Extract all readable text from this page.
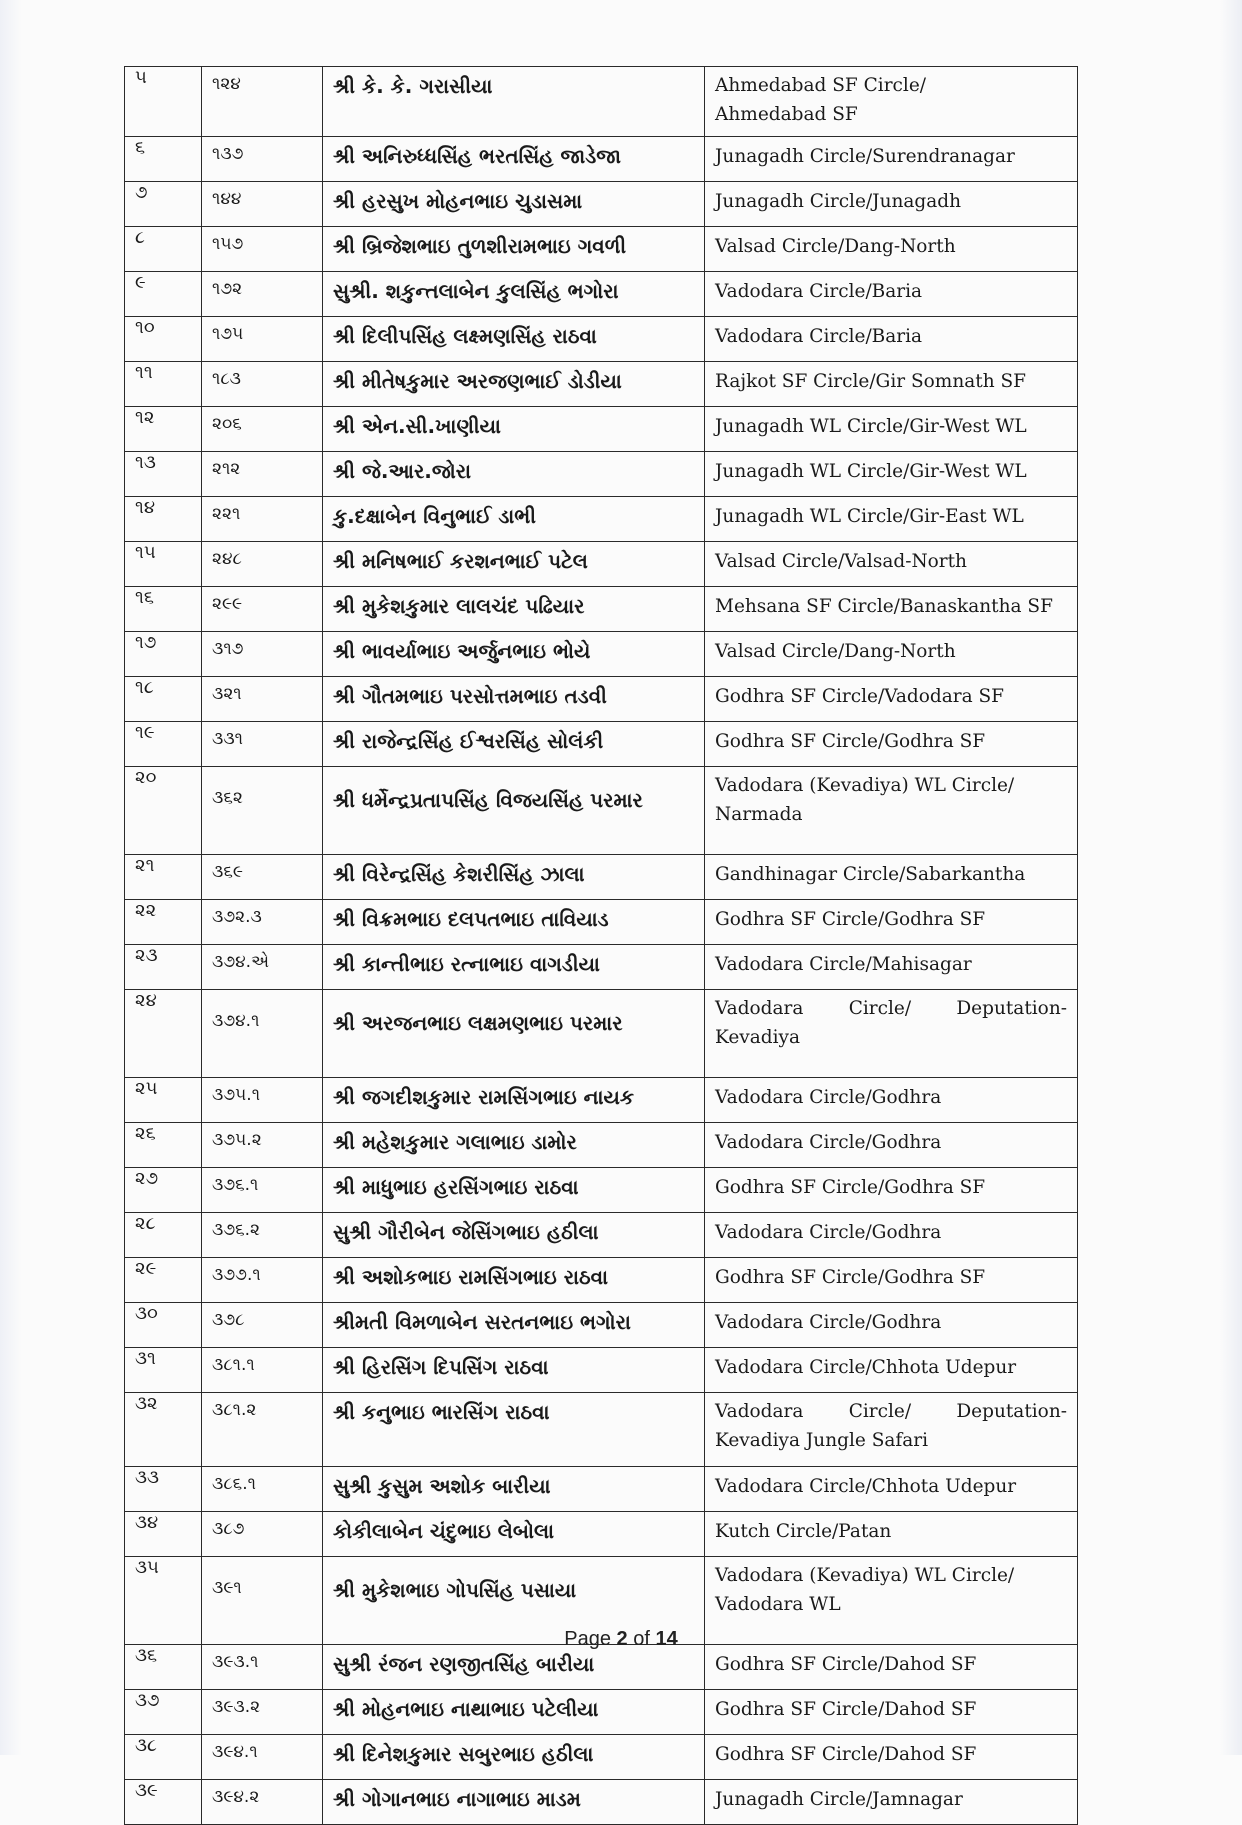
૫	૧૨૪	શ્રી કે. કે. ગરાસીયા	Ahmedabad SF Circle/
Ahmedabad SF

૬	૧૩૭	શ્રી અનિરુધ્ધસિંહ ભરતસિંહ જાડેજા	Junagadh Circle/Surendranagar

૭	૧૪૪	શ્રી હરસુખ મોહનભાઇ ચુડાસમા	Junagadh Circle/Junagadh

૮	૧૫૭	શ્રી બ્રિજેશભાઇ તુળશીરામભાઇ ગવળી	Valsad Circle/Dang-North

૯	૧૭૨	સુશ્રી. શકુન્તલાબેન કુલસિંહ ભગોરા	Vadodara Circle/Baria

૧૦	૧૭૫	શ્રી દિલીપસિંહ લક્ષ્મણસિંહ રાઠવા	Vadodara Circle/Baria

૧૧	૧૮૩	શ્રી મીતેષકુમાર અરજણભાઈ ડોડીયા	Rajkot SF Circle/Gir Somnath SF

૧૨	૨૦૬	શ્રી એન.સી.ખાણીયા	Junagadh WL Circle/Gir-West WL

૧૩	૨૧૨	શ્રી જે.આર.જોરા	Junagadh WL Circle/Gir-West WL

૧૪	૨૨૧	કુ.દક્ષાબેન વિનુભાઈ ડાભી	Junagadh WL Circle/Gir-East WL

૧૫	૨૪૮	શ્રી મનિષભાઈ કરશનભાઈ પટેલ	Valsad Circle/Valsad-North

૧૬	૨૯૯	શ્રી મુકેશકુમાર લાલચંદ પઢિયાર	Mehsana SF Circle/Banaskantha SF

૧૭	૩૧૭	શ્રી ભાવર્યાભાઇ અર્જુનભાઇ ભોયે	Valsad Circle/Dang-North

૧૮	૩૨૧	શ્રી ગૌતમભાઇ પરસોત્તમભાઇ તડવી	Godhra SF Circle/Vadodara SF

૧૯	૩૩૧	શ્રી રાજેન્દ્રસિંહ ઈશ્વરસિંહ સોલંકી	Godhra SF Circle/Godhra SF

૨૦	૩૬૨	શ્રી ધર્મેન્દ્રપ્રતાપસિંહ વિજયસિંહ પરમાર	Vadodara (Kevadiya) WL Circle/
Narmada

૨૧	૩૬૯	શ્રી વિરેન્દ્રસિંહ કેશરીસિંહ ઝાલા	Gandhinagar Circle/Sabarkantha

૨૨	૩૭૨.૩	શ્રી વિક્રમભાઇ દલપતભાઇ તાવિયાડ	Godhra SF Circle/Godhra SF

૨૩	૩૭૪.એ	શ્રી કાન્તીભાઇ રત્નાભાઇ વાગડીયા	Vadodara Circle/Mahisagar

૨૪	૩૭૪.૧	શ્રી અરજનભાઇ લક્ષમણભાઇ પરમાર	Vadodara Circle/ Deputation-
Kevadiya

૨૫	૩૭૫.૧	શ્રી જગદીશકુમાર રામસિંગભાઇ નાયક	Vadodara Circle/Godhra

૨૬	૩૭૫.૨	શ્રી મહેશકુમાર ગલાભાઇ ડામોર	Vadodara Circle/Godhra

૨૭	૩૭૬.૧	શ્રી માધુભાઇ હરસિંગભાઇ રાઠવા	Godhra SF Circle/Godhra SF

૨૮	૩૭૬.૨	સુશ્રી ગૌરીબેન જેસિંગભાઇ હઠીલા	Vadodara Circle/Godhra

૨૯	૩૭૭.૧	શ્રી અશોકભાઇ રામસિંગભાઇ રાઠવા	Godhra SF Circle/Godhra SF

૩૦	૩૭૮	શ્રીમતી વિમળાબેન સરતનભાઇ ભગોરા	Vadodara Circle/Godhra

૩૧	૩૮૧.૧	શ્રી હિરસિંગ દિપસિંગ રાઠવા	Vadodara Circle/Chhota Udepur

૩૨	૩૮૧.૨	શ્રી કનુભાઇ ભારસિંગ રાઠવા	Vadodara Circle/ Deputation-
Kevadiya Jungle Safari

૩૩	૩૮૬.૧	સુશ્રી કુસુમ અશોક બારીયા	Vadodara Circle/Chhota Udepur

૩૪	૩૮૭	કોકીલાબેન ચંદુભાઇ લેબોલા	Kutch Circle/Patan

૩૫	૩૯૧	શ્રી મુકેશભાઇ ગોપસિંહ પસાયા	Vadodara (Kevadiya) WL Circle/
Vadodara WL

૩૬	૩૯૩.૧	સુશ્રી રંજન રણજીતસિંહ બારીયા	Godhra SF Circle/Dahod SF

૩૭	૩૯૩.૨	શ્રી મોહનભાઇ નાથાભાઇ પટેલીયા	Godhra SF Circle/Dahod SF

૩૮	૩૯૪.૧	શ્રી દિનેશકુમાર સબુરભાઇ હઠીલા	Godhra SF Circle/Dahod SF

૩૯	૩૯૪.૨	શ્રી ગોગાનભાઇ નાગાભાઇ માડમ	Junagadh Circle/Jamnagar
Page 2 of 14
